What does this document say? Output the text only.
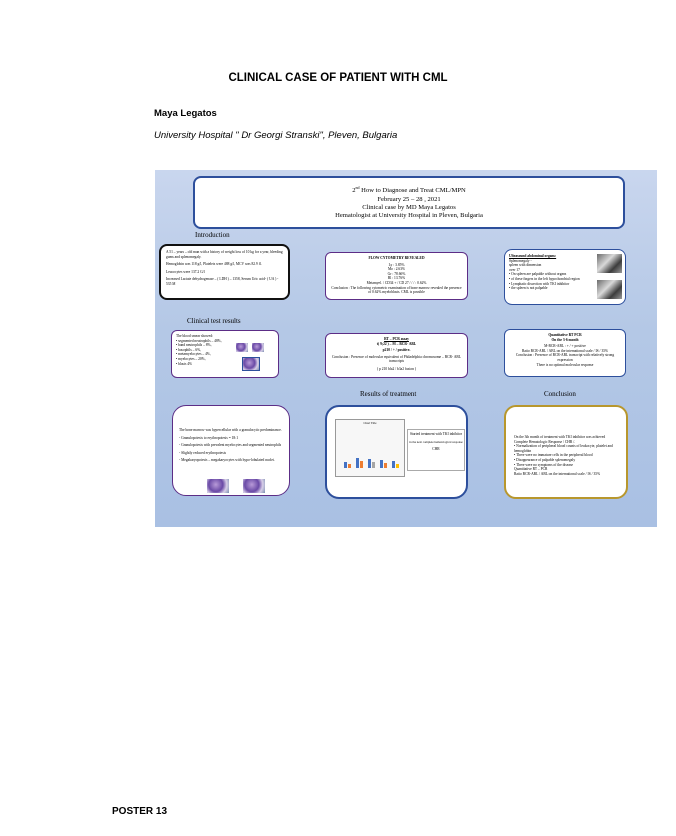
CLINICAL CASE OF PATIENT WITH CML
Maya Legatos
University Hospital " Dr Georgi Stranski", Pleven, Bulgaria
2nd How to Diagnose and Treat CML/MPN
February 25 – 28 , 2021
Clinical case by MD Maya Legatos
Hematologist at University Hospital in Pleven, Bulgaria
Introduction
A 51 – years – old man with a history of weight loss of 10 kg for a year, bleeding gums and splenomegaly.
Hemoglobin was 118 g/l, Platelets were 488 g/l, MCV was 82.9 fl.
Leucocytes were 137.2 G/l
Increased Lactate dehydrogenase – ( LDH ) – 1358, Serum Uric acid- ( UA ) - 535 M
FLOW CYTOMETRY REVEALED
Ly : 3.85%
Mo : 2.63%
Gr : 78.66%
Bl : 13.76%
Metamyel. / CD34 + / CD 27 / / / : 0.62%
Conclusion : The following cytometric examination of bone marrow revealed the presence of 0.62% myeloblasts. CML is possible
Ultrasound abdominal organs:
Splenomegaly -
spleen with dimension
over 17
• On spleen are palpable without organs
• of these fingers in the left hypochondrial region
• Lymphatic dissection with TKI inhibitor
• the spleen is not palpable
Clinical test results
The blood smear showed:
• segmented neutrophils – 48%,
• band neutrophils – 8%,
• basophils – 6%,
• metamyelocytes – 4%,
• myelocytes – 20%,
• blasts 4%
RT – PCR assay
t( 9;22 ) – M – BCR- ABL
p210 / + / positive.
Conclusion : Presence of molecular equivalent of Philadelphia chromosome – BCR- ABL transcripts
( p 210 bla2 / b3a2 fusion )
Quantitative RT PCR
On the 3-6 month
M-BCR-ABL : + / + positive
Ratio BCR-ABL / ABL on the international scale / IS / 35%
Conclusion : Presence of BCR-ABL transcript with relatively strong expression
There is no optimal molecular response
Results of treatment	Conclusion
The bone marrow was hypercellular with a granulocytic predominance.
- Granulopoiesis to erythropoiesis = 18:1
- Granulopoiesis with prevalent myelocytes and segmented neutrophils
- Slightly reduced erythropoiesis
- Megakaryopoiesis – megakaryocytes with hypo-lobulated nuclei.
Chart Title
Started treatment with TKI inhibitor
in the next complete hematological response
CHR
On the 3th month of treatment with TKI inhibitor was achieved Complete Hematologic Response / CHR /.
• Normalization of peripheral blood counts of leukocyte, platelet and hemoglobin
• There were no immature cells in the peripheral blood
• Disappearance of palpable splenomegaly
• There were no symptoms of the disease
Quantitative RT – PCR
Ratio BCR-ABL / ABL on the international scale / IS / 35%
POSTER 13
